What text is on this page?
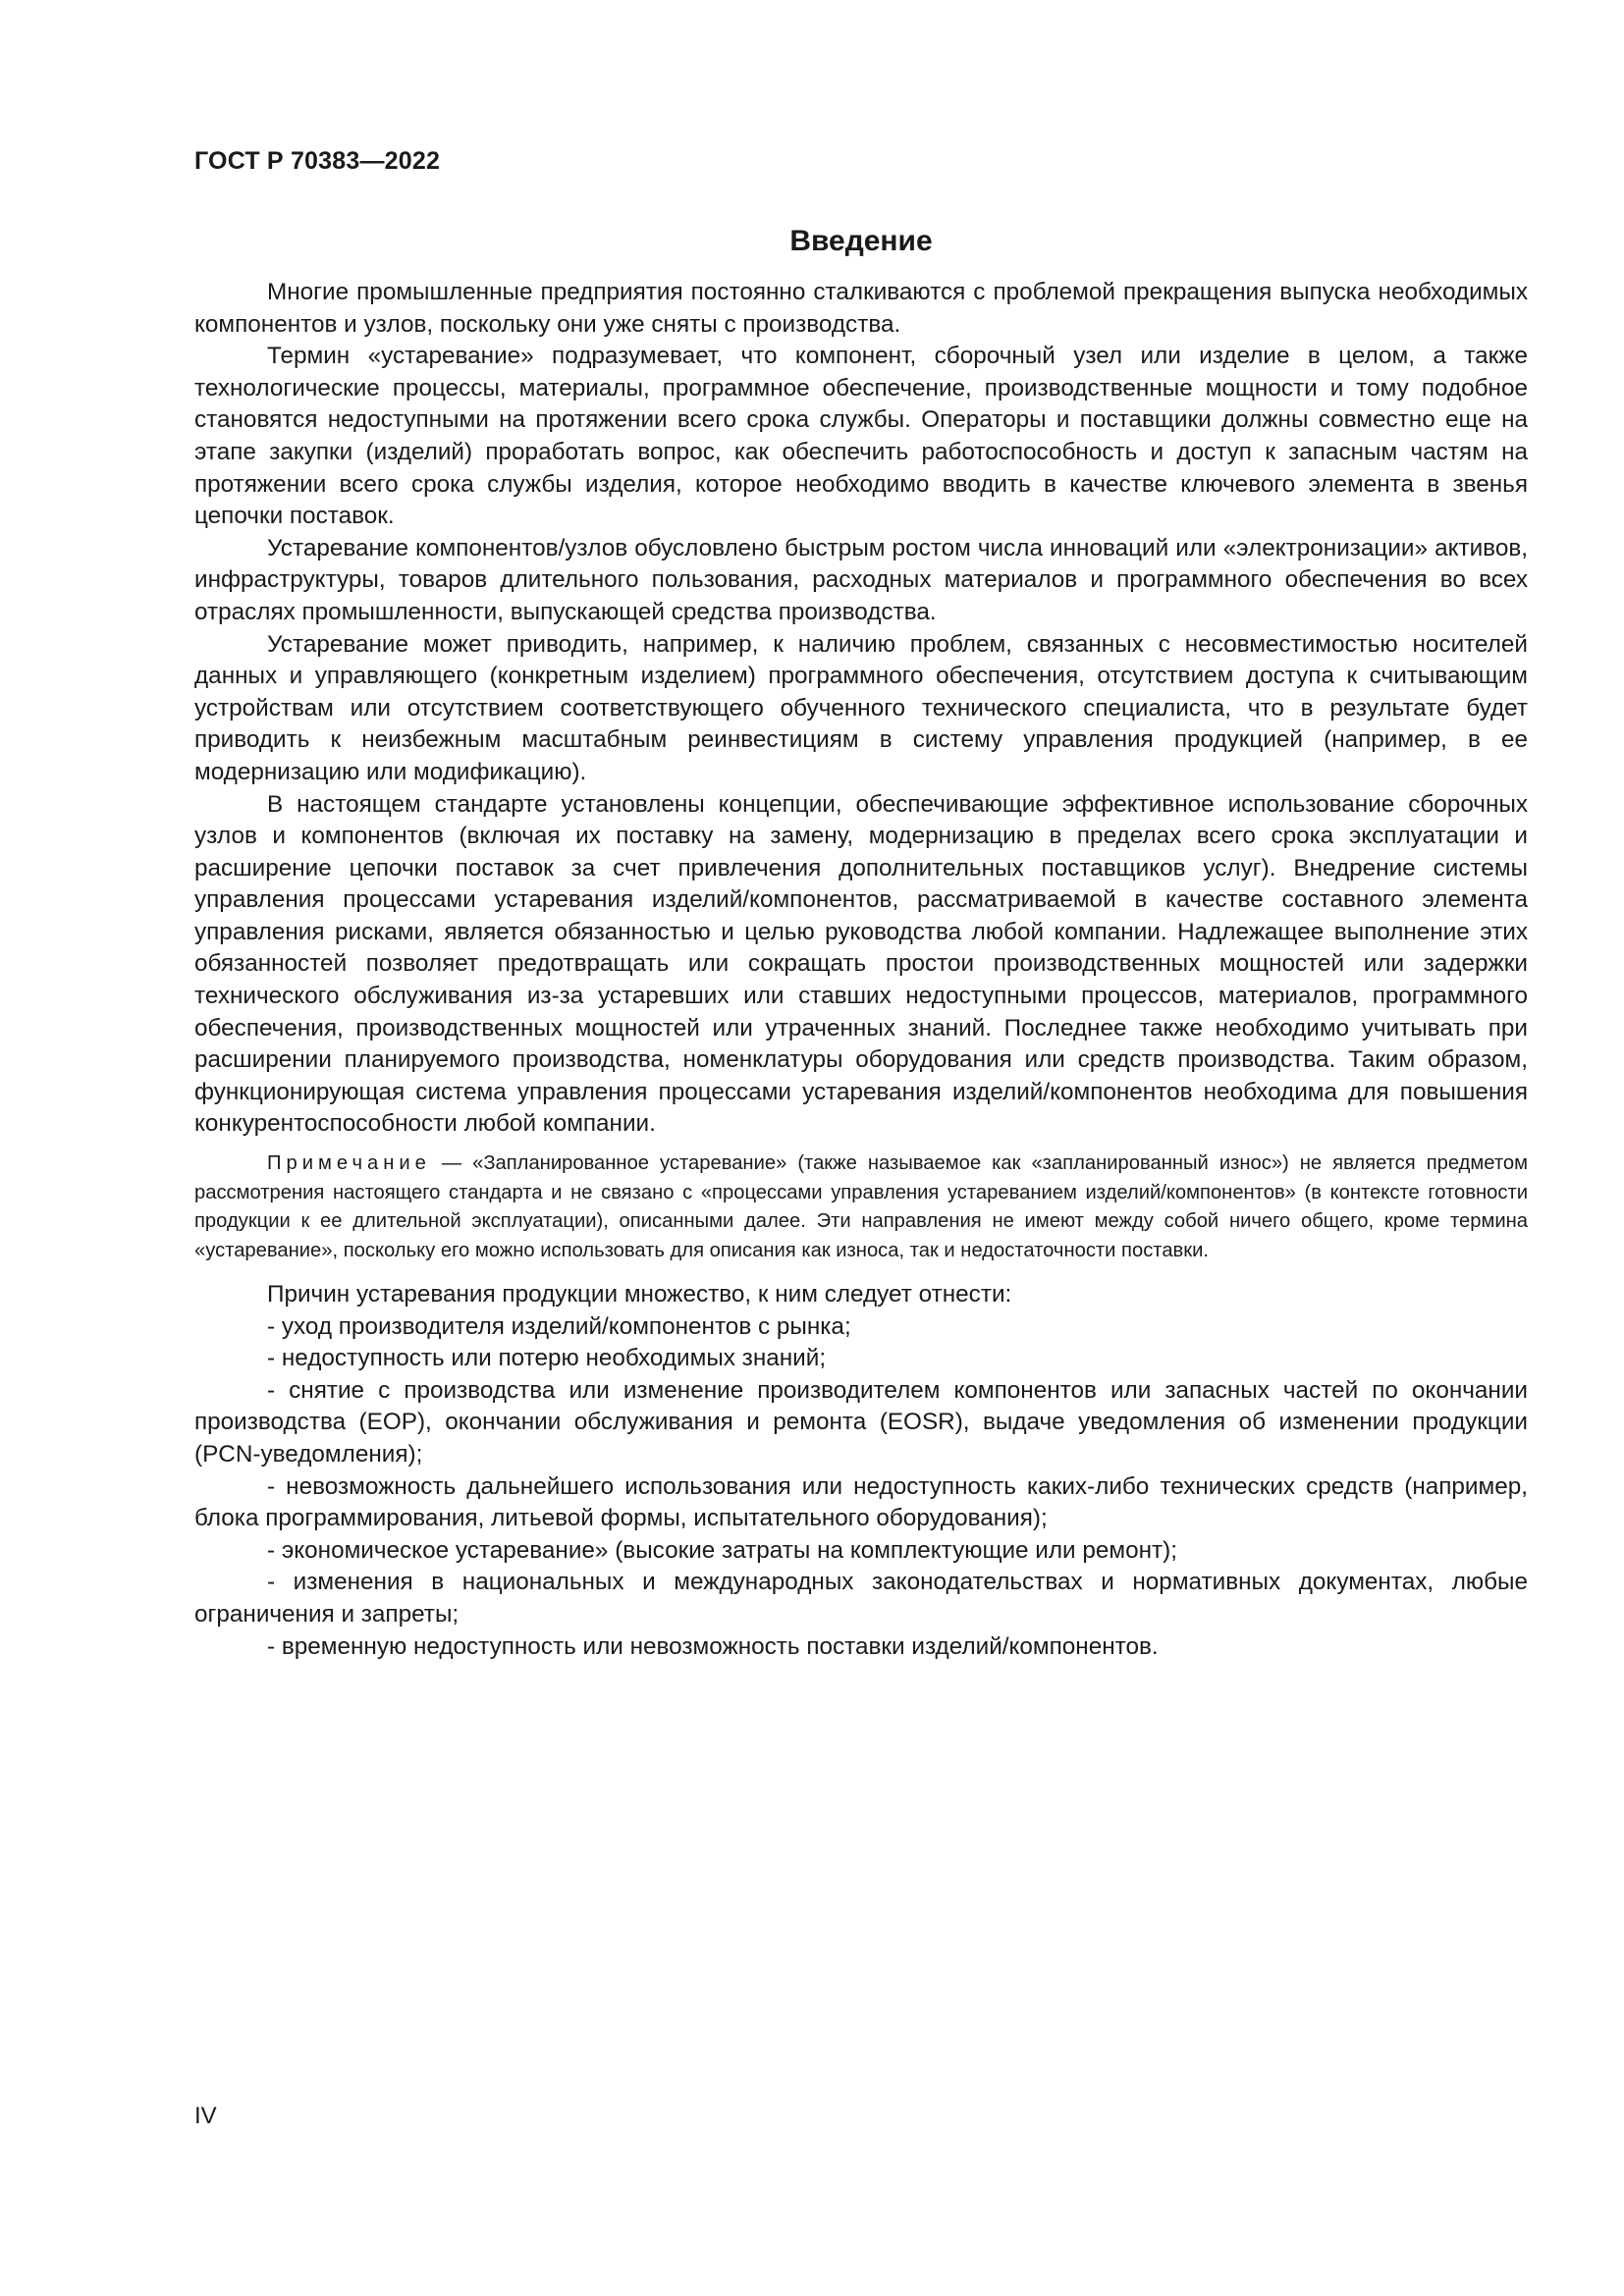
ГОСТ Р 70383—2022
Введение

Многие промышленные предприятия постоянно сталкиваются с проблемой прекращения выпуска необходимых компонентов и узлов, поскольку они уже сняты с производства.

Термин «устаревание» подразумевает, что компонент, сборочный узел или изделие в целом, а также технологические процессы, материалы, программное обеспечение, производственные мощности и тому подобное становятся недоступными на протяжении всего срока службы. Операторы и поставщики должны совместно еще на этапе закупки (изделий) проработать вопрос, как обеспечить работоспособность и доступ к запасным частям на протяжении всего срока службы изделия, которое необходимо вводить в качестве ключевого элемента в звенья цепочки поставок.

Устаревание компонентов/узлов обусловлено быстрым ростом числа инноваций или «электронизации» активов, инфраструктуры, товаров длительного пользования, расходных материалов и программного обеспечения во всех отраслях промышленности, выпускающей средства производства.

Устаревание может приводить, например, к наличию проблем, связанных с несовместимостью носителей данных и управляющего (конкретным изделием) программного обеспечения, отсутствием доступа к считывающим устройствам или отсутствием соответствующего обученного технического специалиста, что в результате будет приводить к неизбежным масштабным реинвестициям в систему управления продукцией (например, в ее модернизацию или модификацию).

В настоящем стандарте установлены концепции, обеспечивающие эффективное использование сборочных узлов и компонентов (включая их поставку на замену, модернизацию в пределах всего срока эксплуатации и расширение цепочки поставок за счет привлечения дополнительных поставщиков услуг). Внедрение системы управления процессами устаревания изделий/компонентов, рассматриваемой в качестве составного элемента управления рисками, является обязанностью и целью руководства любой компании. Надлежащее выполнение этих обязанностей позволяет предотвращать или сокращать простои производственных мощностей или задержки технического обслуживания из-за устаревших или ставших недоступными процессов, материалов, программного обеспечения, производственных мощностей или утраченных знаний. Последнее также необходимо учитывать при расширении планируемого производства, номенклатуры оборудования или средств производства. Таким образом, функционирующая система управления процессами устаревания изделий/компонентов необходима для повышения конкурентоспособности любой компании.

Примечание — «Запланированное устаревание» (также называемое как «запланированный износ») не является предметом рассмотрения настоящего стандарта и не связано с «процессами управления устареванием изделий/компонентов» (в контексте готовности продукции к ее длительной эксплуатации), описанными далее. Эти направления не имеют между собой ничего общего, кроме термина «устаревание», поскольку его можно использовать для описания как износа, так и недостаточности поставки.

Причин устаревания продукции множество, к ним следует отнести:

- уход производителя изделий/компонентов с рынка;
- недоступность или потерю необходимых знаний;
- снятие с производства или изменение производителем компонентов или запасных частей по окончании производства (EOP), окончании обслуживания и ремонта (EOSR), выдаче уведомления об изменении продукции (PCN-уведомления);
- невозможность дальнейшего использования или недоступность каких-либо технических средств (например, блока программирования, литьевой формы, испытательного оборудования);
- экономическое устаревание» (высокие затраты на комплектующие или ремонт);
- изменения в национальных и международных законодательствах и нормативных документах, любые ограничения и запреты;
- временную недоступность или невозможность поставки изделий/компонентов.
IV
